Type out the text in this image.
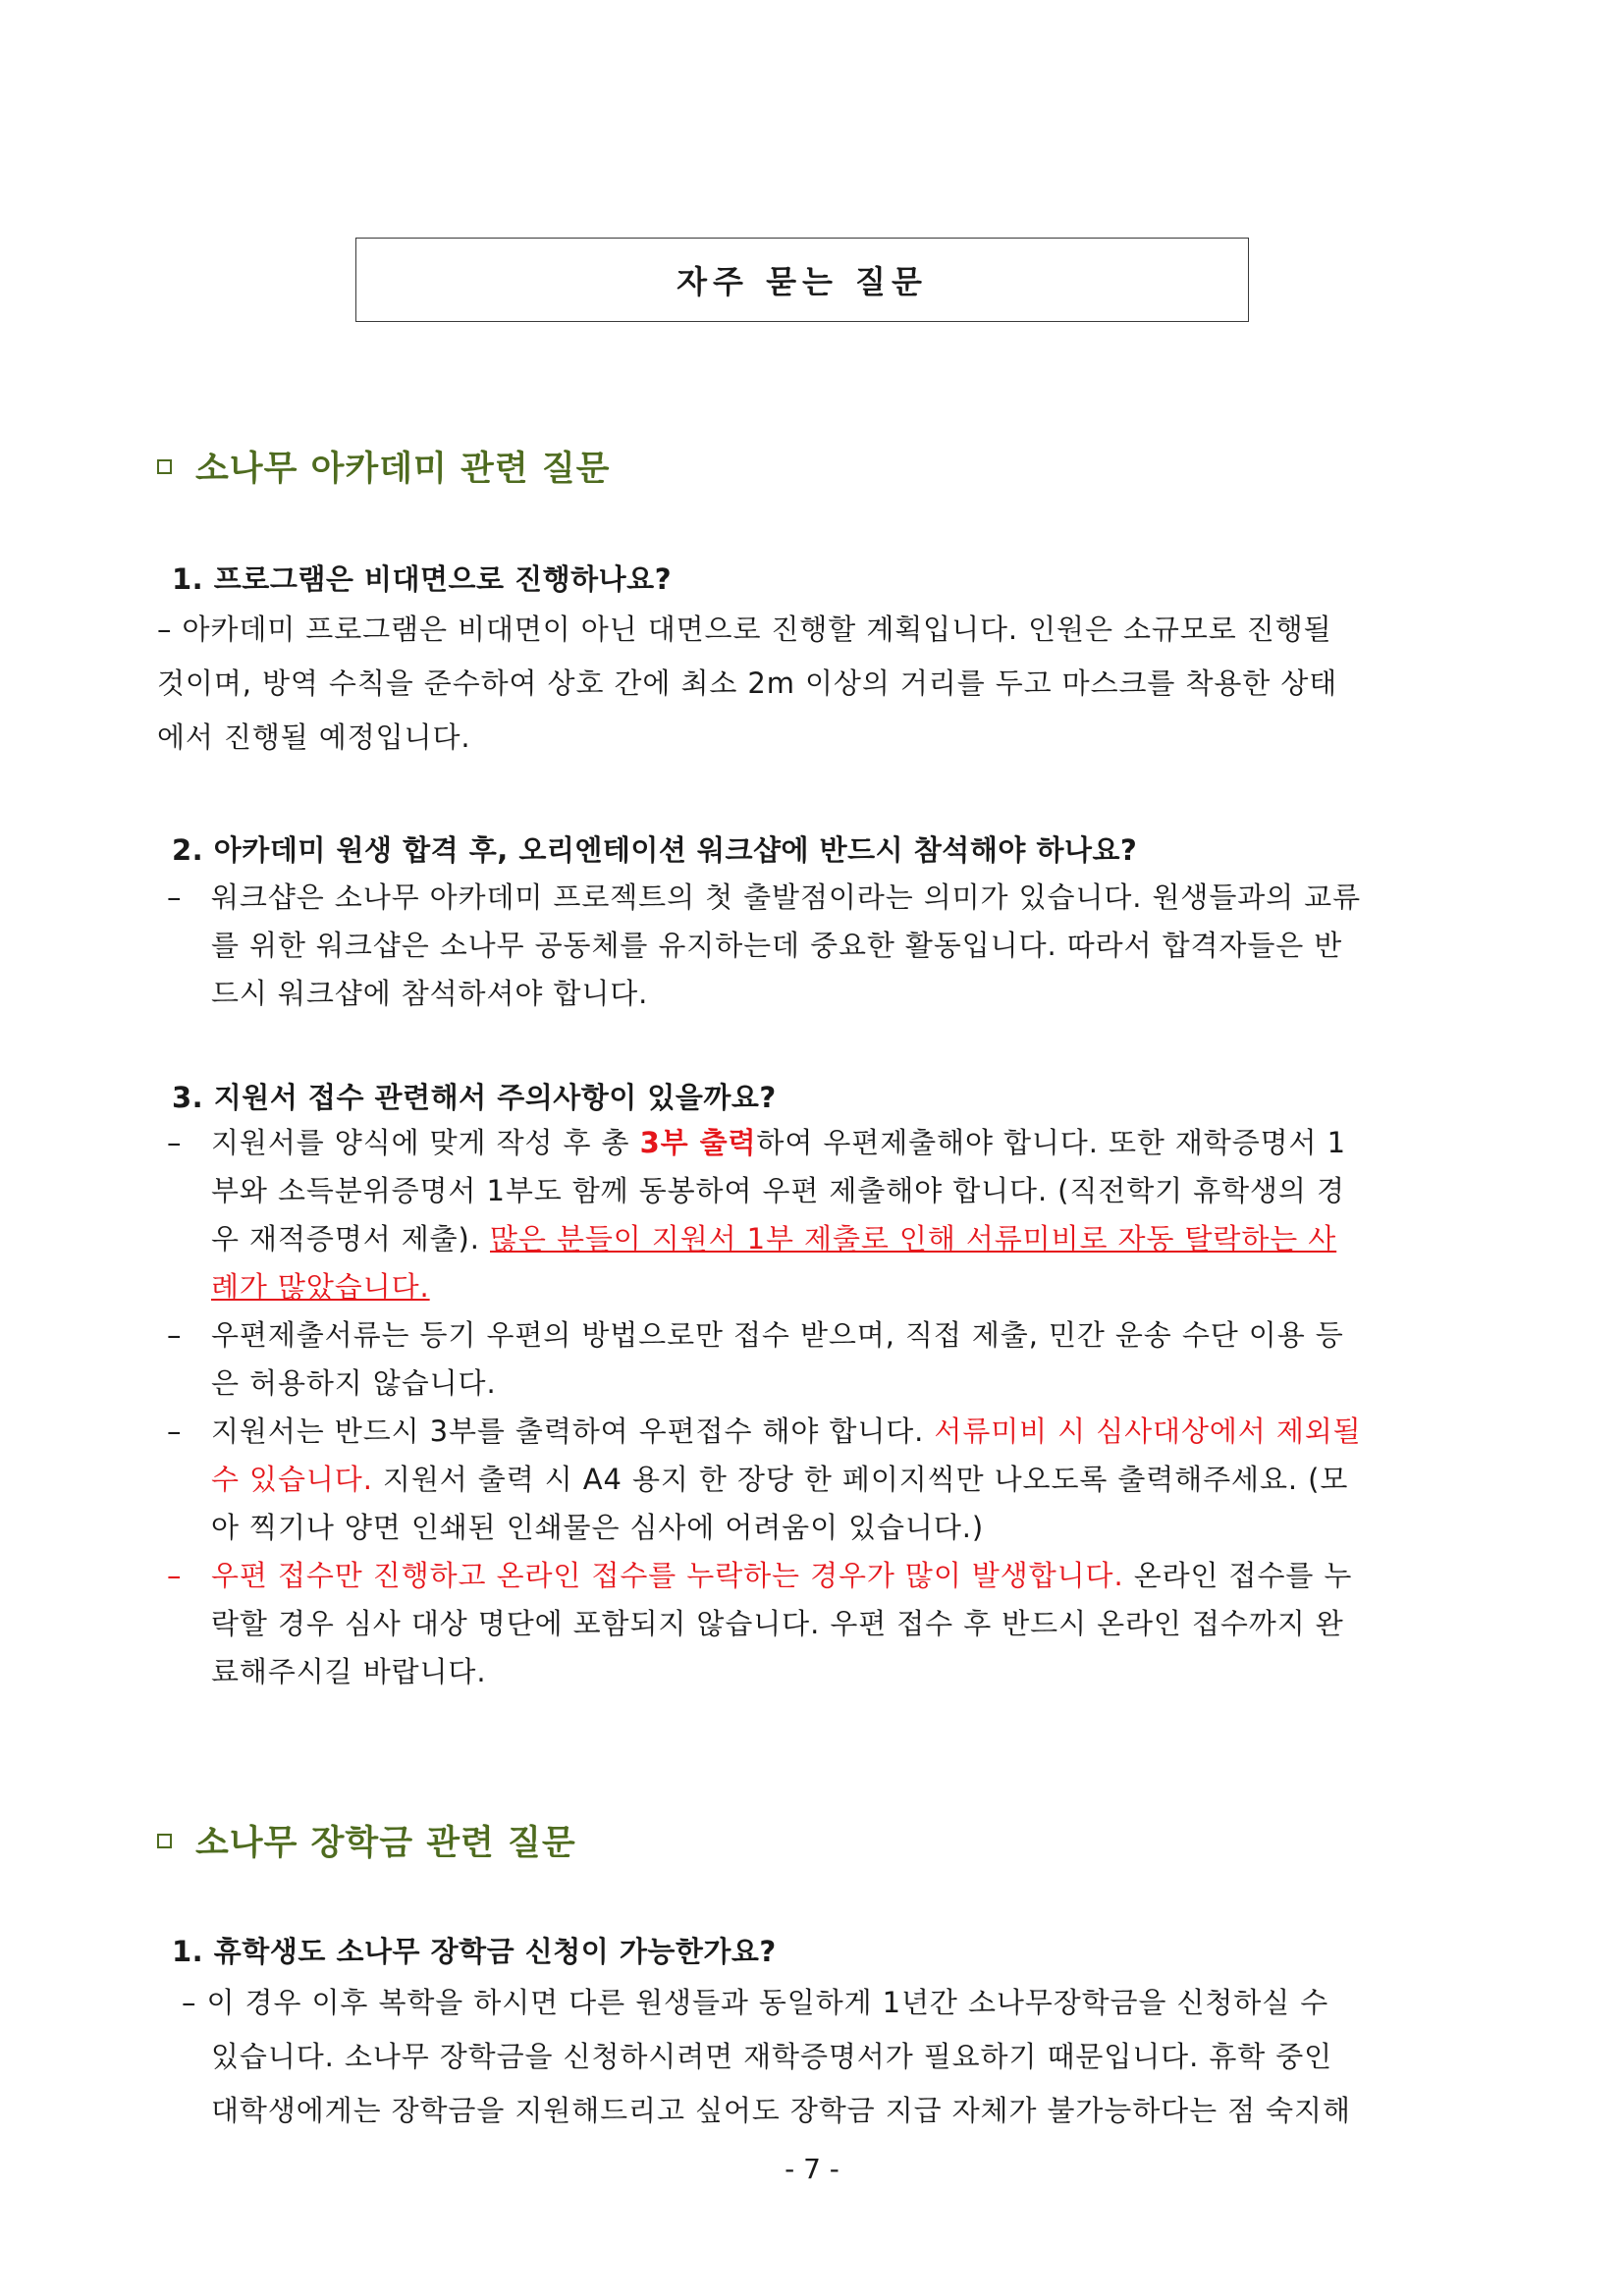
자주 묻는 질문
소나무 아카데미 관련 질문
1. 프로그램은 비대면으로 진행하나요?
– 아카데미 프로그램은 비대면이 아닌 대면으로 진행할 계획입니다. 인원은 소규모로 진행될
것이며, 방역 수칙을 준수하여 상호 간에 최소 2m 이상의 거리를 두고 마스크를 착용한 상태
에서 진행될 예정입니다.
2. 아카데미 원생 합격 후, 오리엔테이션 워크샵에 반드시 참석해야 하나요?
– 워크샵은 소나무 아카데미 프로젝트의 첫 출발점이라는 의미가 있습니다. 원생들과의 교류
를 위한 워크샵은 소나무 공동체를 유지하는데 중요한 활동입니다. 따라서 합격자들은 반
드시 워크샵에 참석하셔야 합니다.
3. 지원서 접수 관련해서 주의사항이 있을까요?
– 지원서를 양식에 맞게 작성 후 총 3부 출력하여 우편제출해야 합니다. 또한 재학증명서 1
부와 소득분위증명서 1부도 함께 동봉하여 우편 제출해야 합니다. (직전학기 휴학생의 경
우 재적증명서 제출). 많은 분들이 지원서 1부 제출로 인해 서류미비로 자동 탈락하는 사
례가 많았습니다.
– 우편제출서류는 등기 우편의 방법으로만 접수 받으며, 직접 제출, 민간 운송 수단 이용 등
은 허용하지 않습니다.
– 지원서는 반드시 3부를 출력하여 우편접수 해야 합니다. 서류미비 시 심사대상에서 제외될
수 있습니다. 지원서 출력 시 A4 용지 한 장당 한 페이지씩만 나오도록 출력해주세요. (모
아 찍기나 양면 인쇄된 인쇄물은 심사에 어려움이 있습니다.)
– 우편 접수만 진행하고 온라인 접수를 누락하는 경우가 많이 발생합니다. 온라인 접수를 누
락할 경우 심사 대상 명단에 포함되지 않습니다. 우편 접수 후 반드시 온라인 접수까지 완
료해주시길 바랍니다.
소나무 장학금 관련 질문
1. 휴학생도 소나무 장학금 신청이 가능한가요?
– 이 경우 이후 복학을 하시면 다른 원생들과 동일하게 1년간 소나무장학금을 신청하실 수
있습니다. 소나무 장학금을 신청하시려면 재학증명서가 필요하기 때문입니다. 휴학 중인
대학생에게는 장학금을 지원해드리고 싶어도 장학금 지급 자체가 불가능하다는 점 숙지해
- 7 -
